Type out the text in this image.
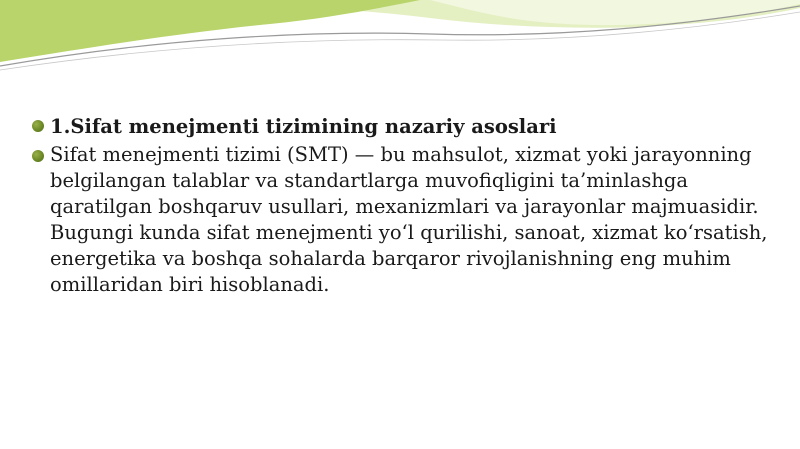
1.Sifat menejmenti tizimining nazariy asoslari
Sifat menejmenti tizimi (SMT) — bu mahsulot, xizmat yoki jarayonning belgilangan talablar va standartlarga muvofiqligini ta’minlashga qaratilgan boshqaruv usullari, mexanizmlari va jarayonlar majmuasidir. Bugungi kunda sifat menejmenti yo‘l qurilishi, sanoat, xizmat ko‘rsatish, energetika va boshqa sohalarda barqaror rivojlanishning eng muhim omillaridan biri hisoblanadi.
